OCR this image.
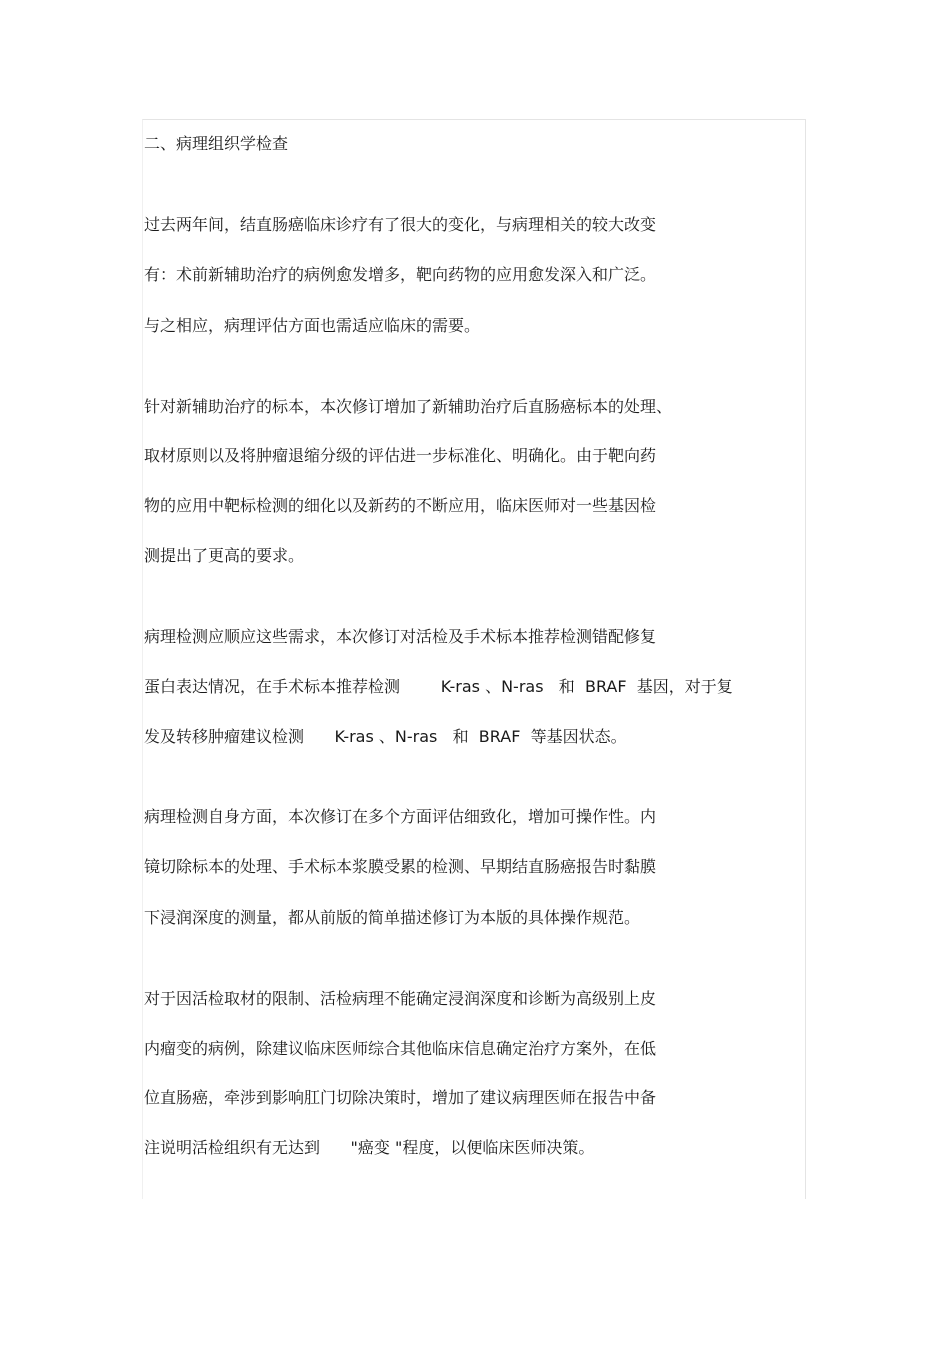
二、病理组织学检查
过去两年间，结直肠癌临床诊疗有了很大的变化，与病理相关的较大改变
有：术前新辅助治疗的病例愈发增多，靶向药物的应用愈发深入和广泛。
与之相应，病理评估方面也需适应临床的需要。
针对新辅助治疗的标本，本次修订增加了新辅助治疗后直肠癌标本的处理、
取材原则以及将肿瘤退缩分级的评估进一步标准化、明确化。由于靶向药
物的应用中靶标检测的细化以及新药的不断应用，临床医师对一些基因检
测提出了更高的要求。
病理检测应顺应这些需求，本次修订对活检及手术标本推荐检测错配修复
蛋白表达情况，在手术标本推荐检测        K-ras 、N-ras   和  BRAF  基因，对于复
发及转移肿瘤建议检测      K-ras 、N-ras   和  BRAF  等基因状态。
病理检测自身方面，本次修订在多个方面评估细致化，增加可操作性。内
镜切除标本的处理、手术标本浆膜受累的检测、早期结直肠癌报告时黏膜
下浸润深度的测量，都从前版的简单描述修订为本版的具体操作规范。
对于因活检取材的限制、活检病理不能确定浸润深度和诊断为高级别上皮
内瘤变的病例，除建议临床医师综合其他临床信息确定治疗方案外，在低
位直肠癌，牵涉到影响肛门切除决策时，增加了建议病理医师在报告中备
注说明活检组织有无达到      "癌变 "程度，以便临床医师决策。
